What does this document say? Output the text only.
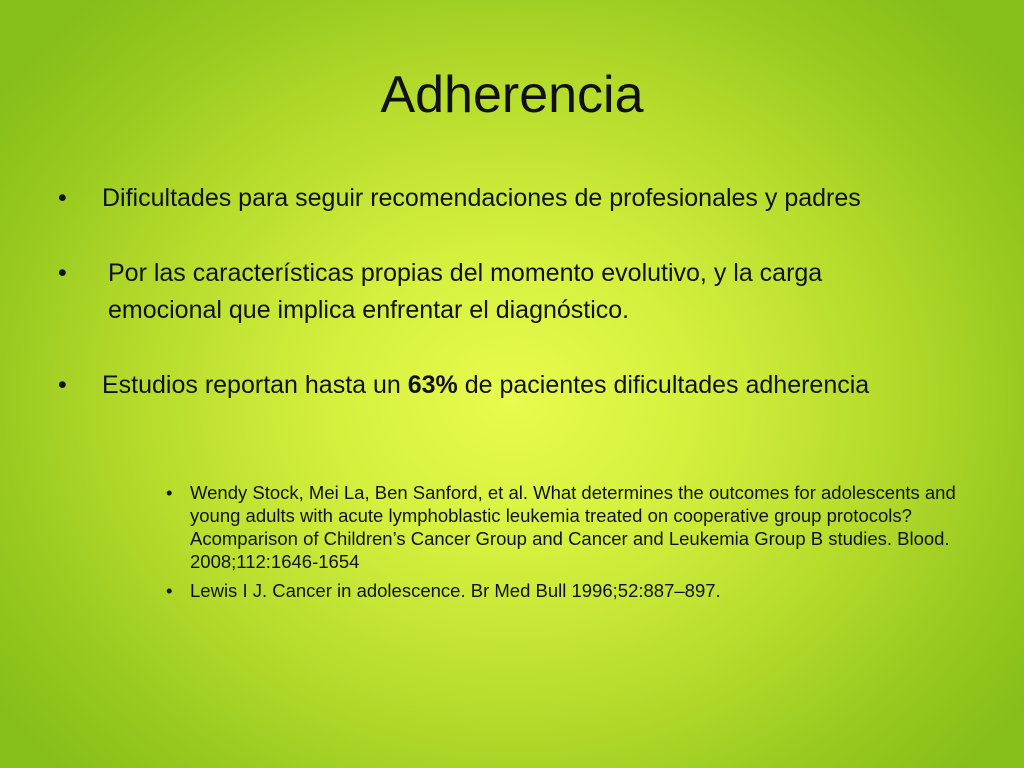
Adherencia
•	Dificultades para seguir recomendaciones de profesionales y padres

•	Por las características propias del momento evolutivo, y la carga emocional que implica enfrentar el diagnóstico.

•	Estudios reportan hasta un 63% de pacientes dificultades adherencia

• Wendy Stock, Mei La, Ben Sanford, et al. What determines the outcomes for adolescents and young adults with acute lymphoblastic leukemia treated on cooperative group protocols? Acomparison of Children’s Cancer Group and Cancer and Leukemia Group B studies. Blood. 2008;112:1646-1654
• Lewis I J. Cancer in adolescence. Br Med Bull 1996;52:887–897.
